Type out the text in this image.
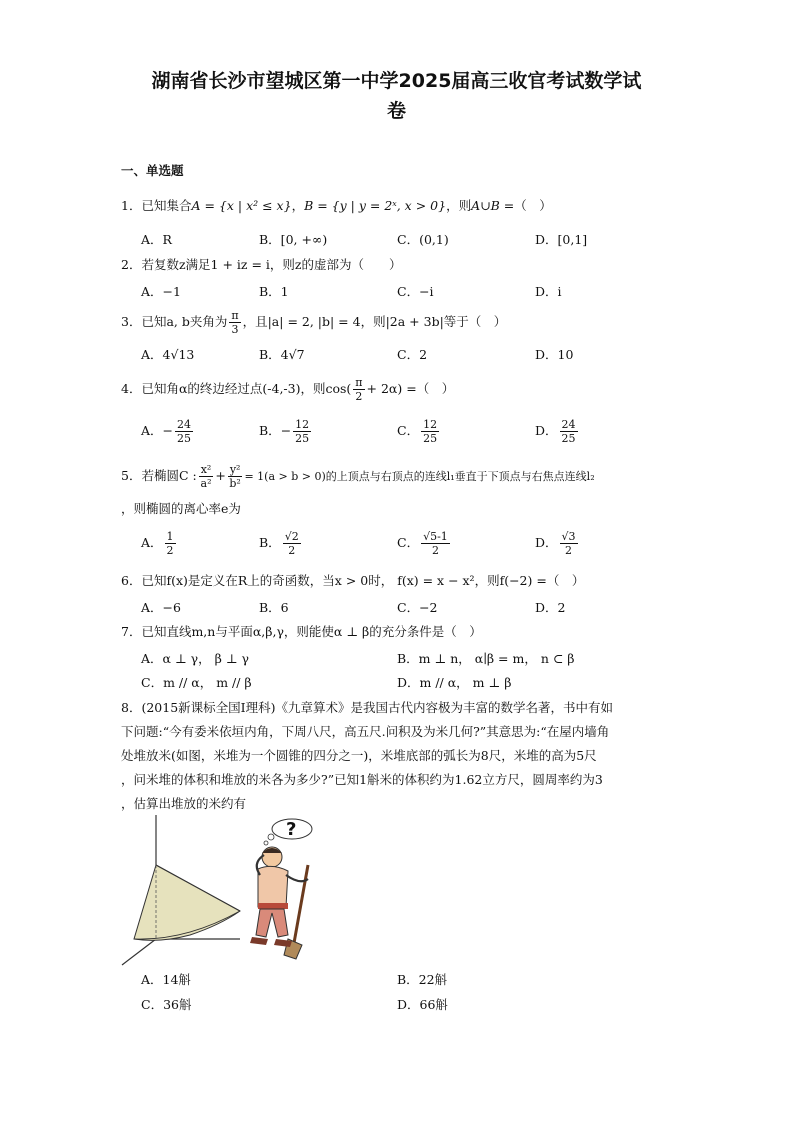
湖南省长沙市望城区第一中学2025届高三收官考试数学试
卷
一、单选题
1．已知集合A = {x | x² ≤ x}，B = {y | y = 2ˣ, x > 0}，则A∪B =（　）
A．R	B．[0, +∞)	C．(0,1)	D．[0,1]
2．若复数z满足1 + iz = i，则z的虚部为（　　）
A．−1	B．1	C．−i	D．i
3．已知a, b夹角为 $\frac{\pi}{3}$ ，且|a| = 2, |b| = 4，则|2a + 3b|等于（　）
A．4√13	B．4√7	C．2	D．10
4．已知角α的终边经过点(-4,-3)，则$\cos( \frac{\pi}{2} + 2\alpha)$ =（　）
A．− $\frac{24}{25}$	B．− $\frac{12}{25}$	C． $\frac{12}{25}$	D． $\frac{24}{25}$
5．若椭圆C : $\frac{\text{x²}}{\text{a²}} + \frac{\text{y²}}{\text{b²}} = 1(a > b > 0)$的上顶点与右顶点的连线l₁垂直于下顶点与右焦点连线l₂
，则椭圆的离心率e为
A． $\frac{1}{2}$	B． $\frac{√2}{2}$	C． $\frac{√5-1}{2}$	D． $\frac{√3}{2}$
6．已知f(x)是定义在R上的奇函数，当x > 0时， f(x) = x − x²，则f(−2) =（　）
A．−6	B．6	C．−2	D．2
7．已知直线m,n与平面α,β,γ，则能使α ⊥ β的充分条件是（　）
A．α ⊥ γ， β ⊥ γ	B．m ⊥ n， α∣β = m， n ⊂ β
C．m // α， m // β	D．m // α， m ⊥ β
8．(2015新课标全国I理科)《九章算术》是我国古代内容极为丰富的数学名著，书中有如
下问题:“今有委米依垣内角，下周八尺，高五尺.问积及为米几何?”其意思为:“在屋内墙角
处堆放米(如图，米堆为一个圆锥的四分之一)，米堆底部的弧长为8尺，米堆的高为5尺
，问米堆的体积和堆放的米各为多少?”已知1斛米的体积约为1.62立方尺，圆周率约为3
，估算出堆放的米约有
?
A．14斛	B．22斛
C．36斛	D．66斛
